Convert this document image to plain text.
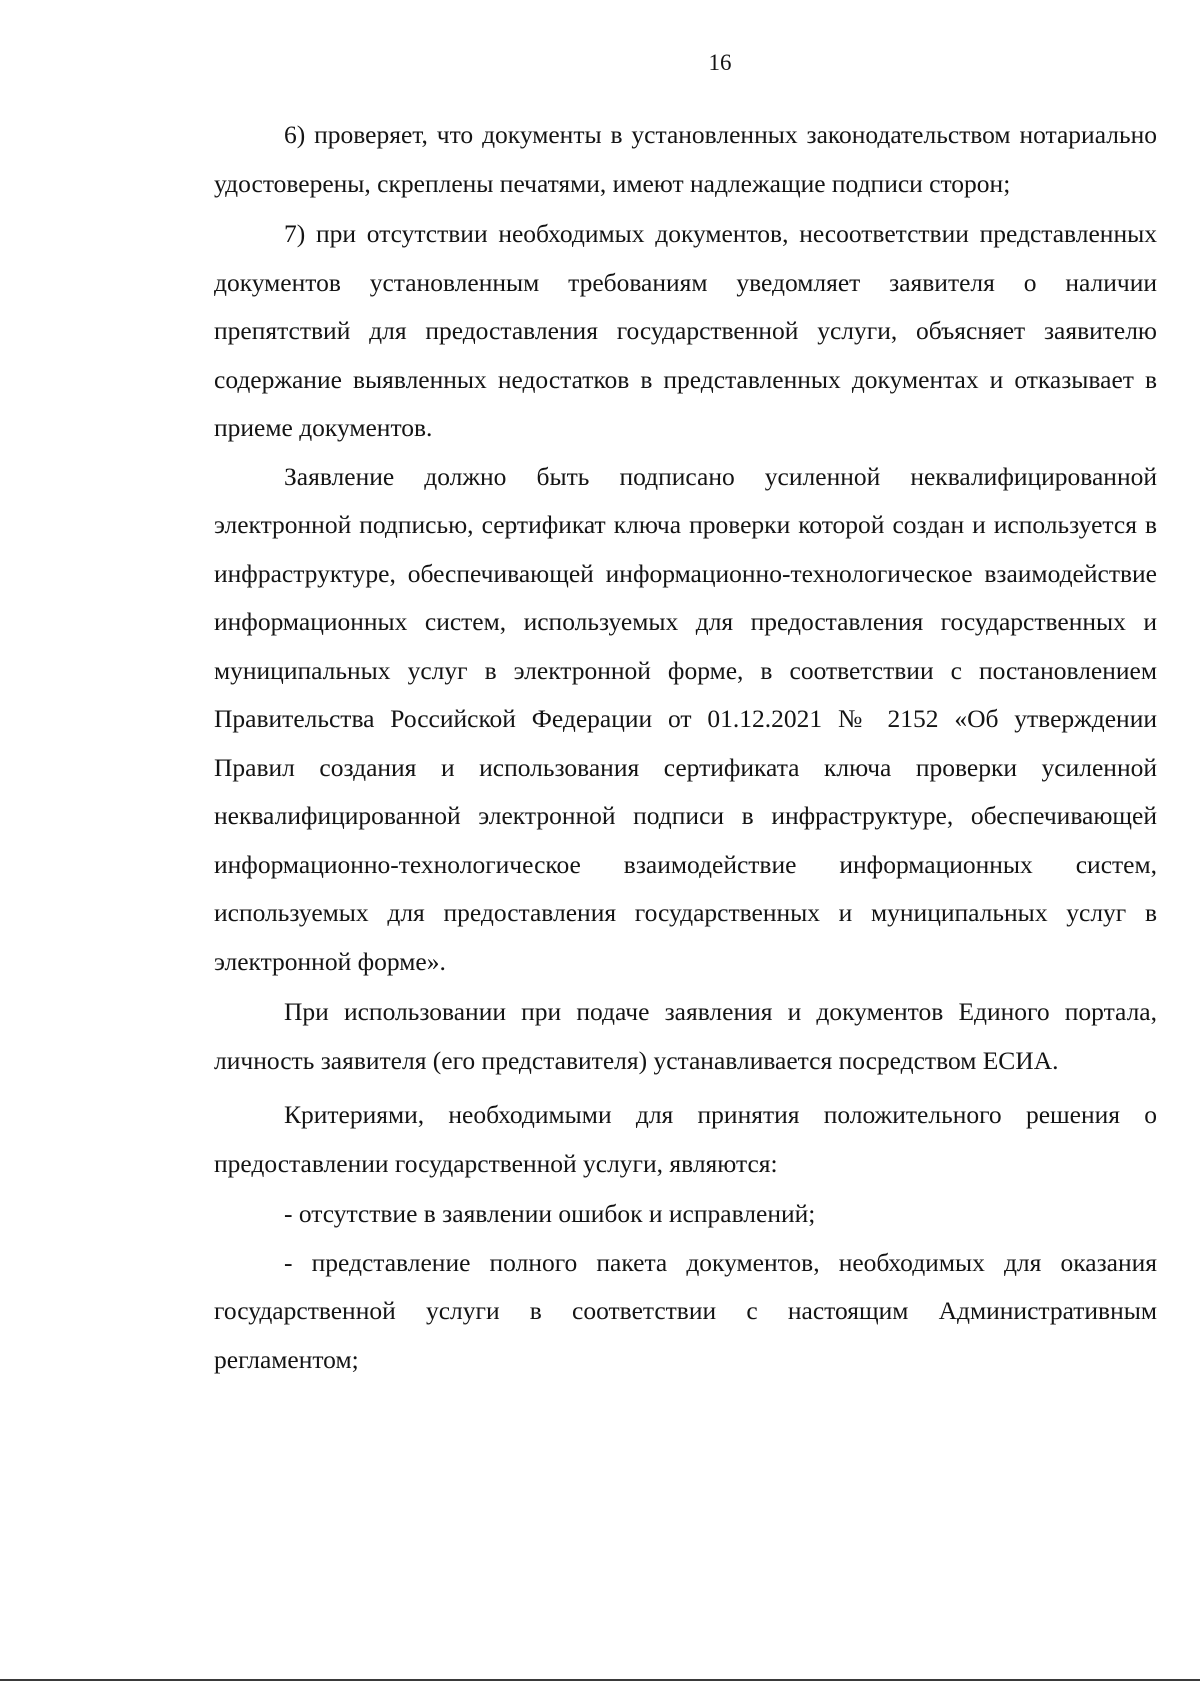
16

6) проверяет, что документы в установленных законодательством нотариально удостоверены, скреплены печатями, имеют надлежащие подписи сторон;

7) при отсутствии необходимых документов, несоответствии представленных документов установленным требованиям уведомляет заявителя о наличии препятствий для предоставления государственной услуги, объясняет заявителю содержание выявленных недостатков в представленных документах и отказывает в приеме документов.

Заявление должно быть подписано усиленной неквалифицированной электронной подписью, сертификат ключа проверки которой создан и используется в инфраструктуре, обеспечивающей информационно-технологическое взаимодействие информационных систем, используемых для предоставления государственных и муниципальных услуг в электронной форме, в соответствии с постановлением Правительства Российской Федерации от 01.12.2021 № 2152 «Об утверждении Правил создания и использования сертификата ключа проверки усиленной неквалифицированной электронной подписи в инфраструктуре, обеспечивающей информационно-технологическое взаимодействие информационных систем, используемых для предоставления государственных и муниципальных услуг в электронной форме».

При использовании при подаче заявления и документов Единого портала, личность заявителя (его представителя) устанавливается посредством ЕСИА.

Критериями, необходимыми для принятия положительного решения о предоставлении государственной услуги, являются:

- отсутствие в заявлении ошибок и исправлений;

- представление полного пакета документов, необходимых для оказания государственной услуги в соответствии с настоящим Административным регламентом;
